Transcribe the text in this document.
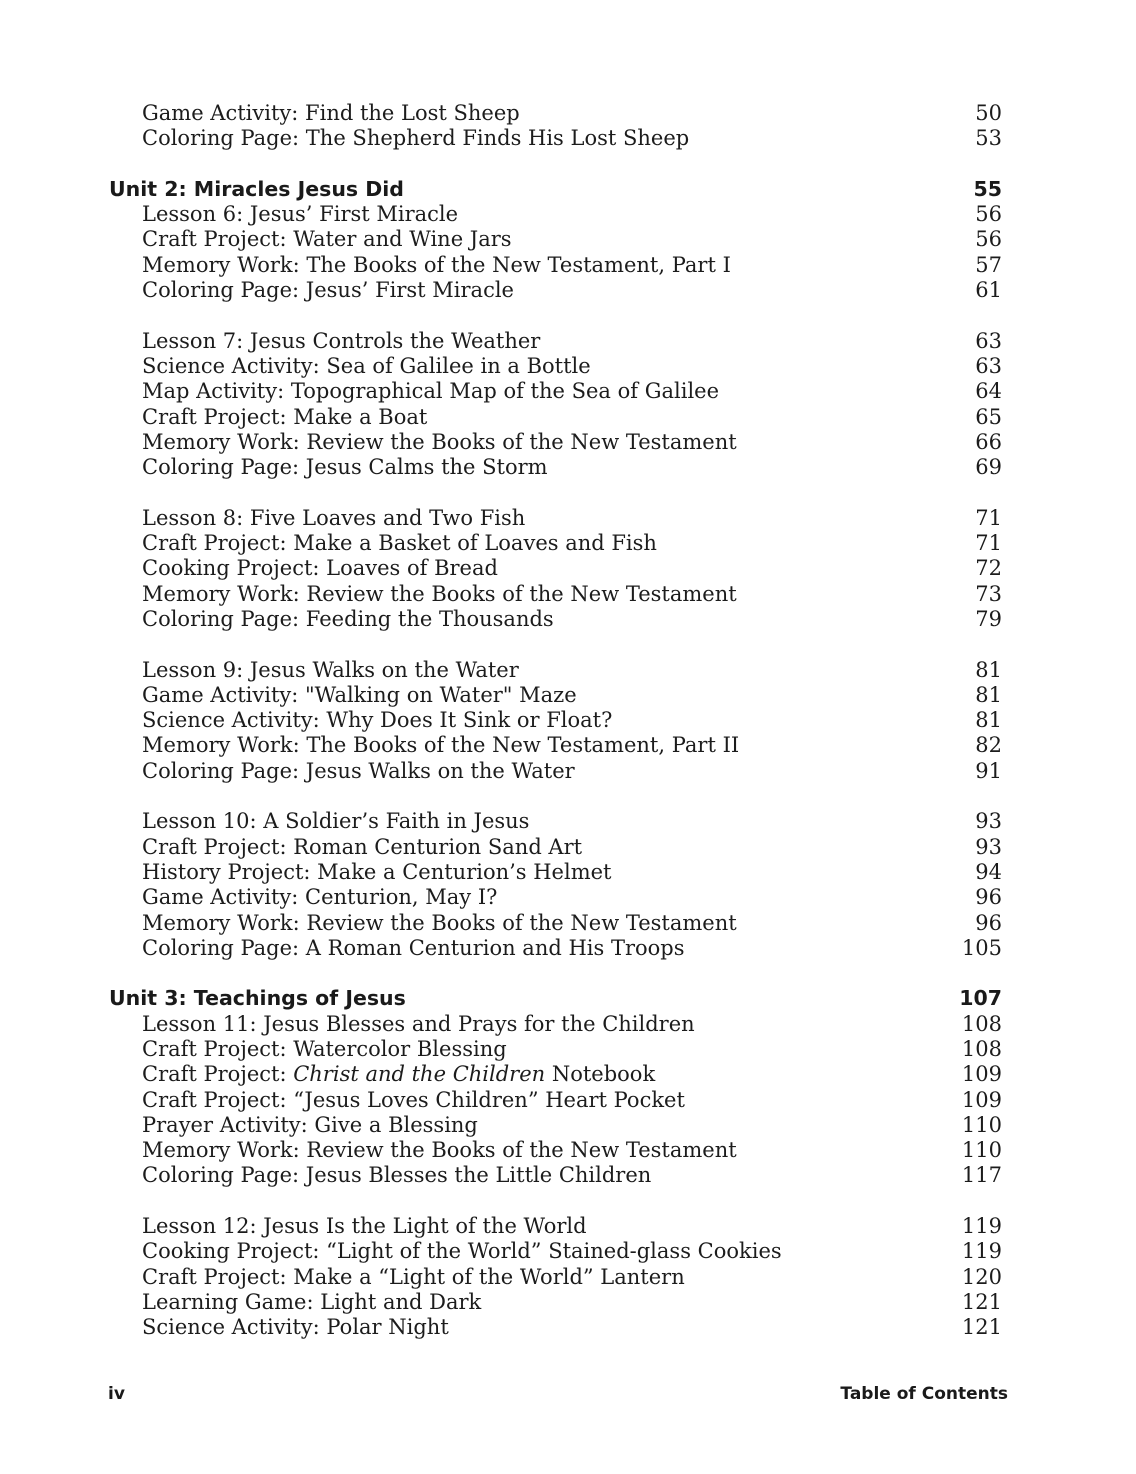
Game Activity: Find the Lost Sheep	50
Coloring Page: The Shepherd Finds His Lost Sheep	53
Unit 2: Miracles Jesus Did	55
Lesson 6: Jesus’ First Miracle	56
Craft Project: Water and Wine Jars	56
Memory Work: The Books of the New Testament, Part I	57
Coloring Page: Jesus’ First Miracle	61
Lesson 7: Jesus Controls the Weather	63
Science Activity: Sea of Galilee in a Bottle	63
Map Activity: Topographical Map of the Sea of Galilee	64
Craft Project: Make a Boat	65
Memory Work: Review the Books of the New Testament	66
Coloring Page: Jesus Calms the Storm	69
Lesson 8: Five Loaves and Two Fish	71
Craft Project: Make a Basket of Loaves and Fish	71
Cooking Project: Loaves of Bread	72
Memory Work: Review the Books of the New Testament	73
Coloring Page: Feeding the Thousands	79
Lesson 9: Jesus Walks on the Water	81
Game Activity: "Walking on Water" Maze	81
Science Activity: Why Does It Sink or Float?	81
Memory Work: The Books of the New Testament, Part II	82
Coloring Page: Jesus Walks on the Water	91
Lesson 10: A Soldier’s Faith in Jesus	93
Craft Project: Roman Centurion Sand Art	93
History Project: Make a Centurion’s Helmet	94
Game Activity: Centurion, May I?	96
Memory Work: Review the Books of the New Testament	96
Coloring Page: A Roman Centurion and His Troops	105
Unit 3: Teachings of Jesus	107
Lesson 11: Jesus Blesses and Prays for the Children	108
Craft Project: Watercolor Blessing	108
Craft Project: Christ and the Children Notebook	109
Craft Project: “Jesus Loves Children” Heart Pocket	109
Prayer Activity: Give a Blessing	110
Memory Work: Review the Books of the New Testament	110
Coloring Page: Jesus Blesses the Little Children	117
Lesson 12: Jesus Is the Light of the World	119
Cooking Project: “Light of the World” Stained-glass Cookies	119
Craft Project: Make a “Light of the World” Lantern	120
Learning Game: Light and Dark	121
Science Activity: Polar Night	121
iv	Table of Contents
